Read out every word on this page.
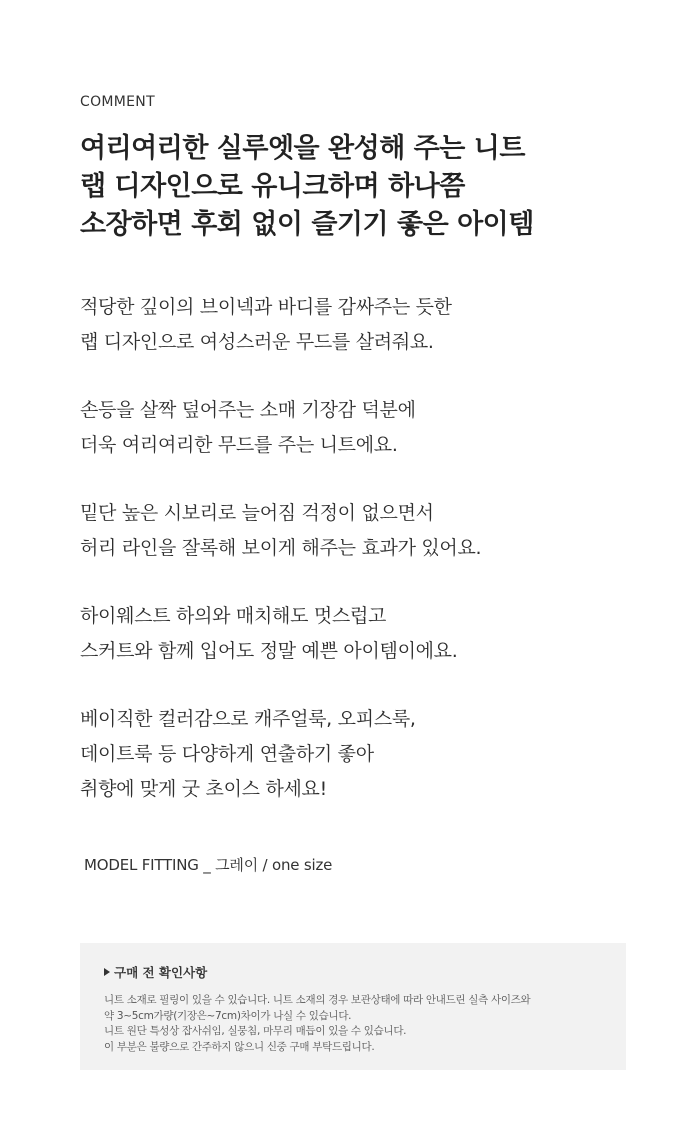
COMMENT
여리여리한 실루엣을 완성해 주는 니트
랩 디자인으로 유니크하며 하나쯤
소장하면 후회 없이 즐기기 좋은 아이템

적당한 깊이의 브이넥과 바디를 감싸주는 듯한
랩 디자인으로 여성스러운 무드를 살려줘요.

손등을 살짝 덮어주는 소매 기장감 덕분에
더욱 여리여리한 무드를 주는 니트에요.

밑단 높은 시보리로 늘어짐 걱정이 없으면서
허리 라인을 잘록해 보이게 해주는 효과가 있어요.

하이웨스트 하의와 매치해도 멋스럽고
스커트와 함께 입어도 정말 예쁜 아이템이에요.

베이직한 컬러감으로 캐주얼룩, 오피스룩,
데이트룩 등 다양하게 연출하기 좋아
취향에 맞게 굿 초이스 하세요!

MODEL FITTING _ 그레이 / one size
구매 전 확인사항
니트 소재로 필링이 있을 수 있습니다. 니트 소재의 경우 보관상태에 따라 안내드린 실측 사이즈와
약 3~5cm가량(기장은~7cm)차이가 나실 수 있습니다.
니트 원단 특성상 잡사쉬임, 실뭉침, 마무리 매듭이 있을 수 있습니다.
이 부분은 불량으로 간주하지 않으니 신중 구매 부탁드립니다.
